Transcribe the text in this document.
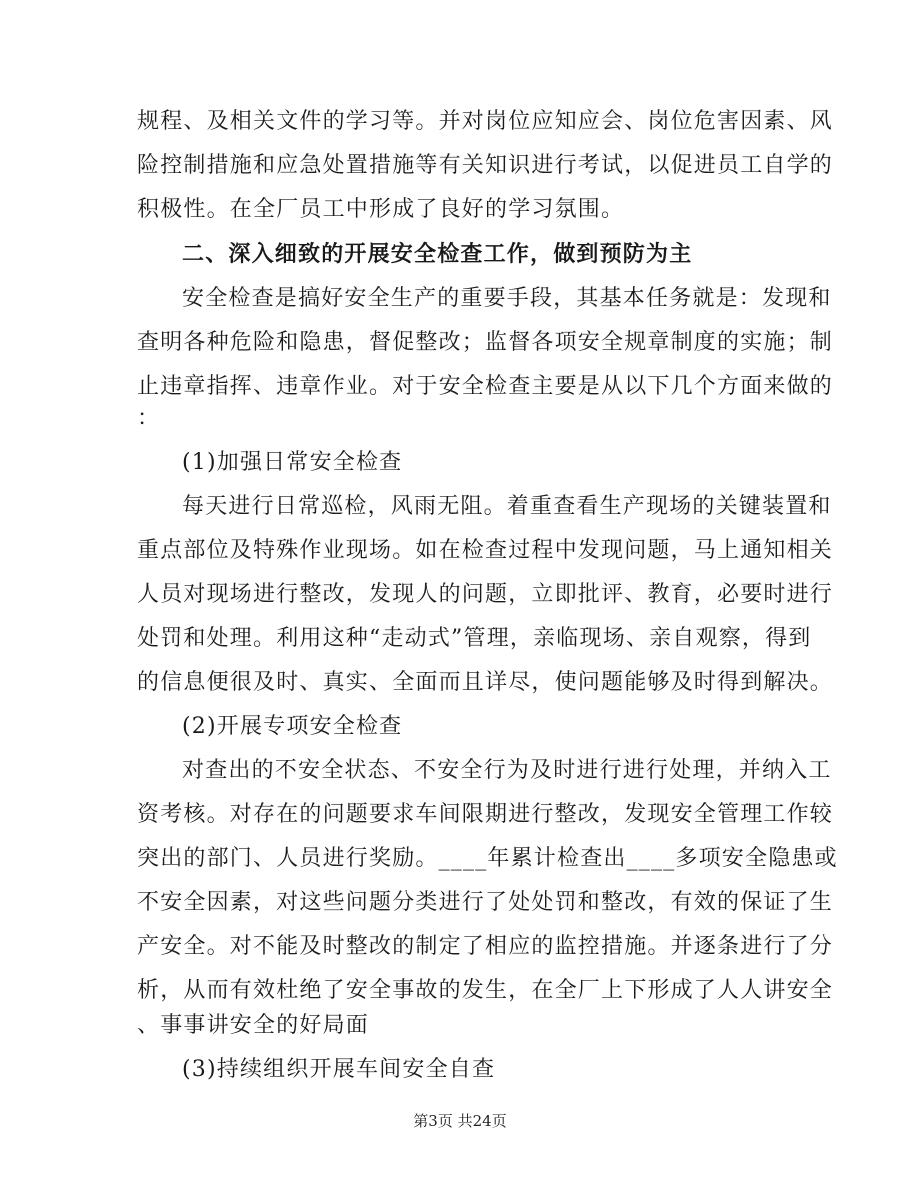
规程、及相关文件的学习等。并对岗位应知应会、岗位危害因素、风
险控制措施和应急处置措施等有关知识进行考试，以促进员工自学的
积极性。在全厂员工中形成了良好的学习氛围。
二、深入细致的开展安全检查工作，做到预防为主
安全检查是搞好安全生产的重要手段，其基本任务就是：发现和
查明各种危险和隐患，督促整改；监督各项安全规章制度的实施；制
止违章指挥、违章作业。对于安全检查主要是从以下几个方面来做的
：
(1)加强日常安全检查
每天进行日常巡检，风雨无阻。着重查看生产现场的关键装置和
重点部位及特殊作业现场。如在检查过程中发现问题，马上通知相关
人员对现场进行整改，发现人的问题，立即批评、教育，必要时进行
处罚和处理。利用这种“走动式”管理，亲临现场、亲自观察，得到
的信息便很及时、真实、全面而且详尽，使问题能够及时得到解决。
(2)开展专项安全检查
对查出的不安全状态、不安全行为及时进行进行处理，并纳入工
资考核。对存在的问题要求车间限期进行整改，发现安全管理工作较
突出的部门、人员进行奖励。____年累计检查出____多项安全隐患或
不安全因素，对这些问题分类进行了处处罚和整改，有效的保证了生
产安全。对不能及时整改的制定了相应的监控措施。并逐条进行了分
析，从而有效杜绝了安全事故的发生，在全厂上下形成了人人讲安全
、事事讲安全的好局面
(3)持续组织开展车间安全自查
第3页 共24页
